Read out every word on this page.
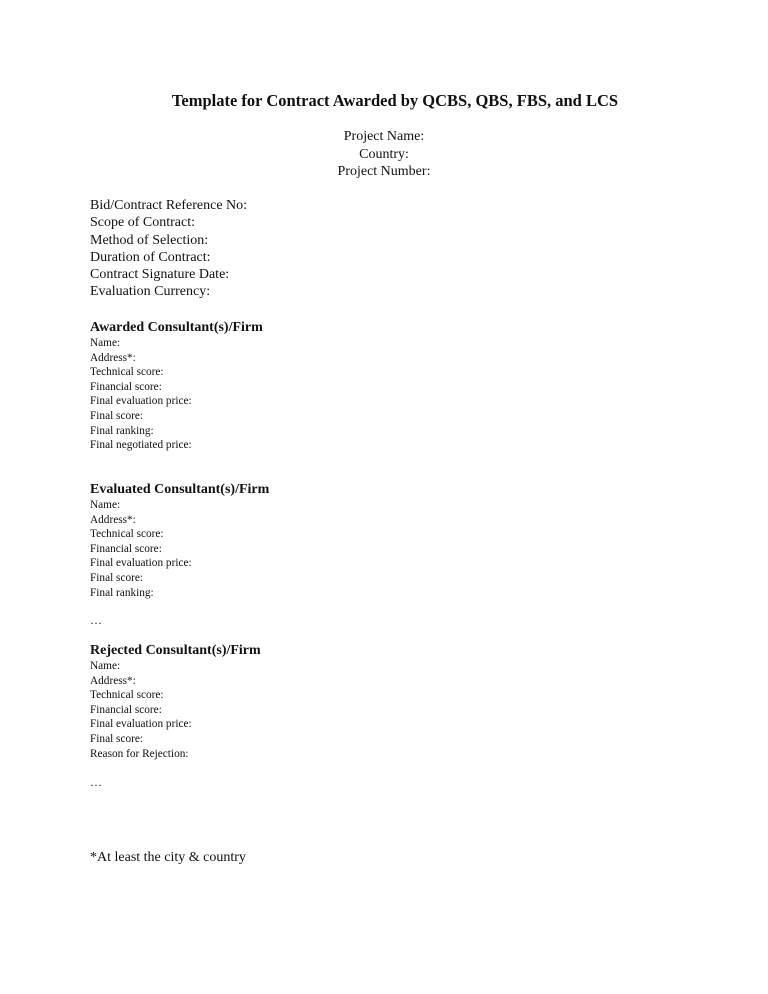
Template for Contract Awarded by QCBS, QBS, FBS, and LCS
Project Name:
Country:
Project Number:
Bid/Contract Reference No:
Scope of Contract:
Method of Selection:
Duration of Contract:
Contract Signature Date:
Evaluation Currency:
Awarded Consultant(s)/Firm
Name:
Address*:
Technical score:
Financial score:
Final evaluation price:
Final score:
Final ranking:
Final negotiated price:
Evaluated Consultant(s)/Firm
Name:
Address*:
Technical score:
Financial score:
Final evaluation price:
Final score:
Final ranking:
…
Rejected Consultant(s)/Firm
Name:
Address*:
Technical score:
Financial score:
Final evaluation price:
Final score:
Reason for Rejection:
…
*At least the city & country
